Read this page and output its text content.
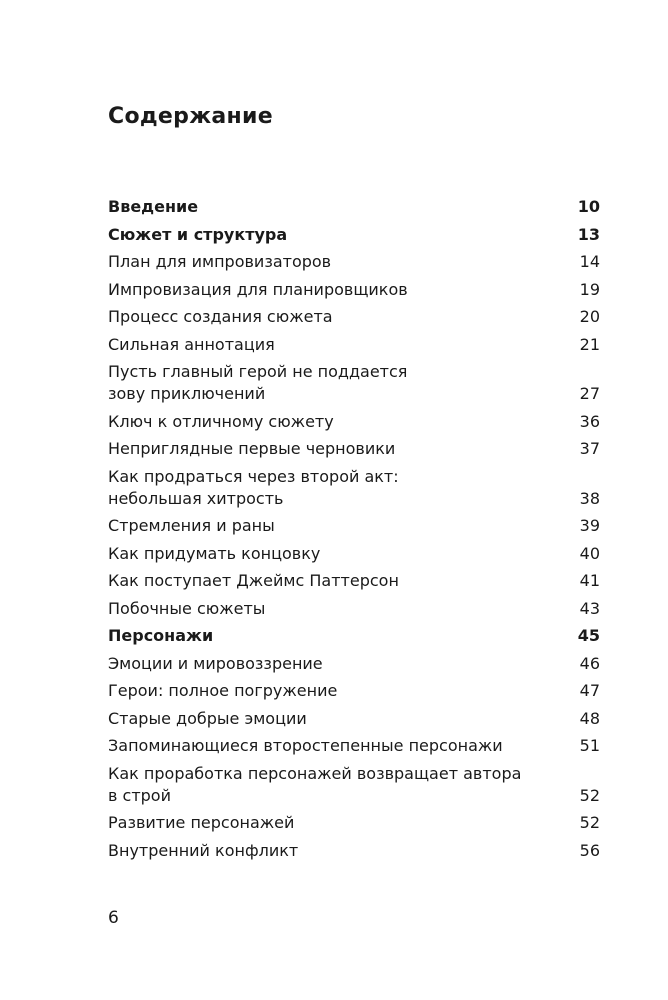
Содержание
Введение	10
Сюжет и структура	13
План для импровизаторов	14
Импровизация для планировщиков	19
Процесс создания сюжета	20
Сильная аннотация	21
Пусть главный герой не поддается
зову приключений	27
Ключ к отличному сюжету	36
Неприглядные первые черновики	37
Как продраться через второй акт:
небольшая хитрость	38
Стремления и раны	39
Как придумать концовку	40
Как поступает Джеймс Паттерсон	41
Побочные сюжеты	43
Персонажи	45
Эмоции и мировоззрение	46
Герои: полное погружение	47
Старые добрые эмоции	48
Запоминающиеся второстепенные персонажи	51
Как проработка персонажей возвращает автора
в строй	52
Развитие персонажей	52
Внутренний конфликт	56
6
